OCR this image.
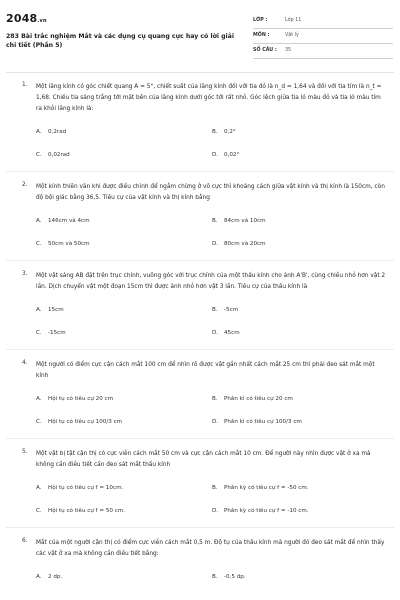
2048.vn
283 Bài trắc nghiệm Mắt và các dụng cụ quang cực hay có lời giải chi tiết (Phần 5)
LỚP :	Lớp 11
MÔN :	Vật lý
SỐ CÂU : 35
1. Một lăng kính có góc chiết quang A = 5°, chiết suất của lăng kính đối với tia đỏ là n_d = 1,64 và đối với tia tím là n_t = 1,68. Chiếu tia sáng trắng tới mặt bên của lăng kính dưới góc tới rất nhỏ. Góc lệch giữa tia ló màu đỏ và tia ló màu tím ra khỏi lăng kính là:
A. 0,2rad	B. 0,2°
C. 0,02rad	D. 0,02°
2. Một kính thiên văn khi được điều chỉnh để ngắm chừng ở vô cực thì khoảng cách giữa vật kính và thị kính là 150cm, còn độ bội giác bằng 36,5. Tiêu cự của vật kính và thị kính bằng
A. 146cm và 4cm	B. 84cm và 10cm
C. 50cm và 50cm	D. 80cm và 20cm
3. Một vật sáng AB đặt trên trục chính, vuông góc với trục chính của một thấu kính cho ảnh A'B', cùng chiều nhỏ hơn vật 2 lần. Dịch chuyển vật một đoạn 15cm thì được ảnh nhỏ hơn vật 3 lần. Tiêu cự của thấu kính là
A. 15cm	B. -5cm
C. -15cm	D. 45cm
4. Một người có điểm cực cận cách mắt 100 cm để nhìn rõ được vật gần nhất cách mắt 25 cm thì phải đeo sát mắt một kính
A. Hội tụ có tiêu cự 20 cm	B. Phân kì có tiêu cự 20 cm
C. Hội tụ có tiêu cự 100/3 cm	D. Phân kì có tiêu cự 100/3 cm
5. Một vật bị tật cận thị có cực viễn cách mắt 50 cm và cực cận cách mắt 10 cm. Để người này nhìn được vật ở xa mà không cần điều tiết cần đeo sát mắt thấu kính
A. Hội tụ có tiêu cự f = 10cm.	B. Phân kỳ có tiêu cự f = -50 cm.
C. Hội tụ có tiêu cự f = 50 cm.	D. Phân kỳ có tiêu cự f = -10 cm.
6. Mắt của một người cận thị có điểm cực viễn cách mắt 0,5 m. Độ tụ của thấu kính mà người đó đeo sát mắt để nhìn thấy các vật ở xa mà không cần điều tiết bằng:
A. 2 dp.	B. -0,5 dp.
